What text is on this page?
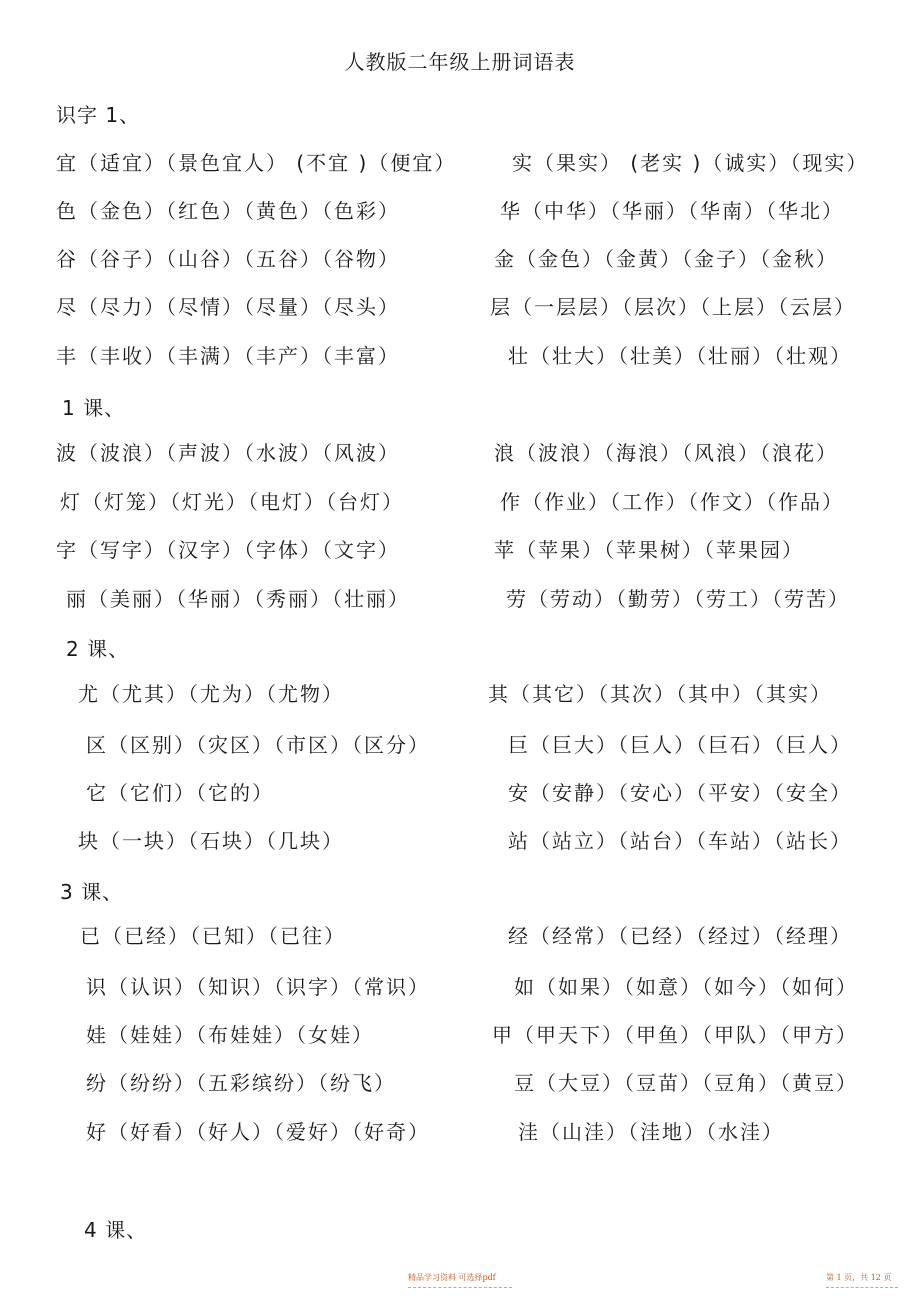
人教版二年级上册词语表
识字 1、
宜（适宜）（景色宜人） (不宜 )（便宜）	实（果实） (老实 )（诚实）（现实）
色（金色）（红色）（黄色）（色彩）	华（中华）（华丽）（华南）（华北）
谷（谷子）（山谷）（五谷）（谷物）	金（金色）（金黄）（金子）（金秋）
尽（尽力）（尽情）（尽量）（尽头）	层（一层层）（层次）（上层）（云层）
丰（丰收）（丰满）（丰产）（丰富）	壮（壮大）（壮美）（壮丽）（壮观）
1 课、
波（波浪）（声波）（水波）（风波）	浪（波浪）（海浪）（风浪）（浪花）
灯（灯笼）（灯光）（电灯）（台灯）	作（作业）（工作）（作文）（作品）
字（写字）（汉字）（字体）（文字）	苹（苹果）（苹果树）（苹果园）
丽（美丽）（华丽）（秀丽）（壮丽）	劳（劳动）（勤劳）（劳工）（劳苦）
2 课、
尤（尤其）（尤为）（尤物）	其（其它）（其次）（其中）（其实）
区（区别）（灾区）（市区）（区分）	巨（巨大）（巨人）（巨石）（巨人）
它（它们）（它的）	安（安静）（安心）（平安）（安全）
块（一块）（石块）（几块）	站（站立）（站台）（车站）（站长）
3 课、
已（已经）（已知）（已往）	经（经常）（已经）（经过）（经理）
识（认识）（知识）（识字）（常识）	如（如果）（如意）（如今）（如何）
娃（娃娃）（布娃娃）（女娃）	甲（甲天下）（甲鱼）（甲队）（甲方）
纷（纷纷）（五彩缤纷）（纷飞）	豆（大豆）（豆苗）（豆角）（黄豆）
好（好看）（好人）（爱好）（好奇）	洼（山洼）（洼地）（水洼）
4 课、
精品学习资料 可选择pdf	第 1 页，共 12 页
